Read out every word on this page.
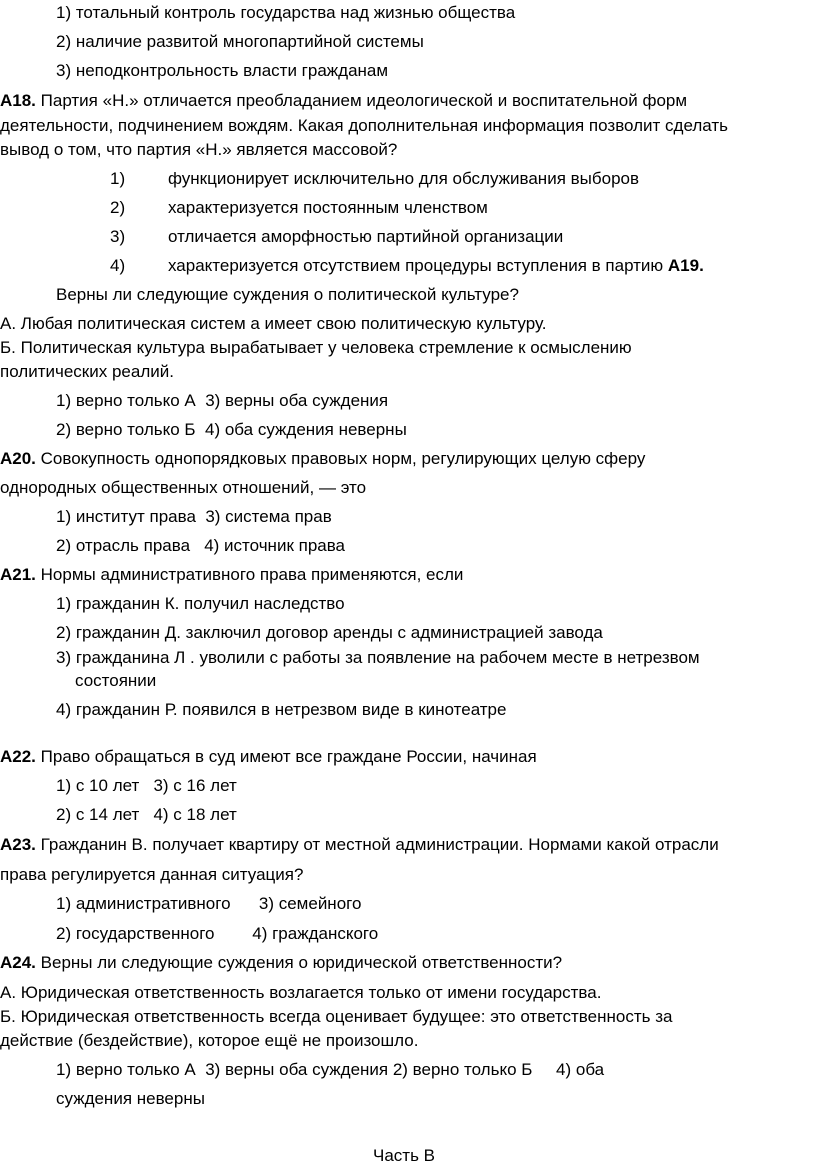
1) тотальный контроль государства над жизнью общества
2) наличие развитой многопартийной системы
3) неподконтрольность власти гражданам
А18. Партия «Н.» отличается преобладанием идеологической и воспитательной форм
деятельности, подчинением вождям. Какая дополнительная информация позволит сделать
вывод о том, что партия «Н.» является массовой?
1)	функционирует исключительно для обслуживания выборов
2)	характеризуется постоянным членством
3)	отличается аморфностью партийной организации
4)	характеризуется отсутствием процедуры вступления в партию А19.
Верны ли следующие суждения о политической культуре?
А. Любая политическая систем а имеет свою политическую культуру.
Б. Политическая культура вырабатывает у человека стремление к осмыслению
политических реалий.
1) верно только А  3) верны оба суждения
2) верно только Б  4) оба суждения неверны
А20. Совокупность однопорядковых правовых норм, регулирующих целую сферу
однородных общественных отношений, — это
1) институт права  3) система прав
2) отрасль права   4) источник права
А21. Нормы административного права применяются, если
1) гражданин К. получил наследство
2) гражданин Д. заключил договор аренды с администрацией завода
3) гражданина Л . уволили с работы за появление на рабочем месте в нетрезвом
состоянии
4) гражданин Р. появился в нетрезвом виде в кинотеатре
А22. Право обращаться в суд имеют все граждане России, начиная
1) с 10 лет   3) с 16 лет
2) с 14 лет   4) с 18 лет
А23. Гражданин В. получает квартиру от местной администрации. Нормами какой отрасли
права регулируется данная ситуация?
1) административного      3) семейного
2) государственного        4) гражданского
А24. Верны ли следующие суждения о юридической ответственности?
А. Юридическая ответственность возлагается только от имени государства.
Б. Юридическая ответственность всегда оценивает будущее: это ответственность за
действие (бездействие), которое ещё не произошло.
1) верно только А  3) верны оба суждения 2) верно только Б     4) оба
суждения неверны
Часть В
